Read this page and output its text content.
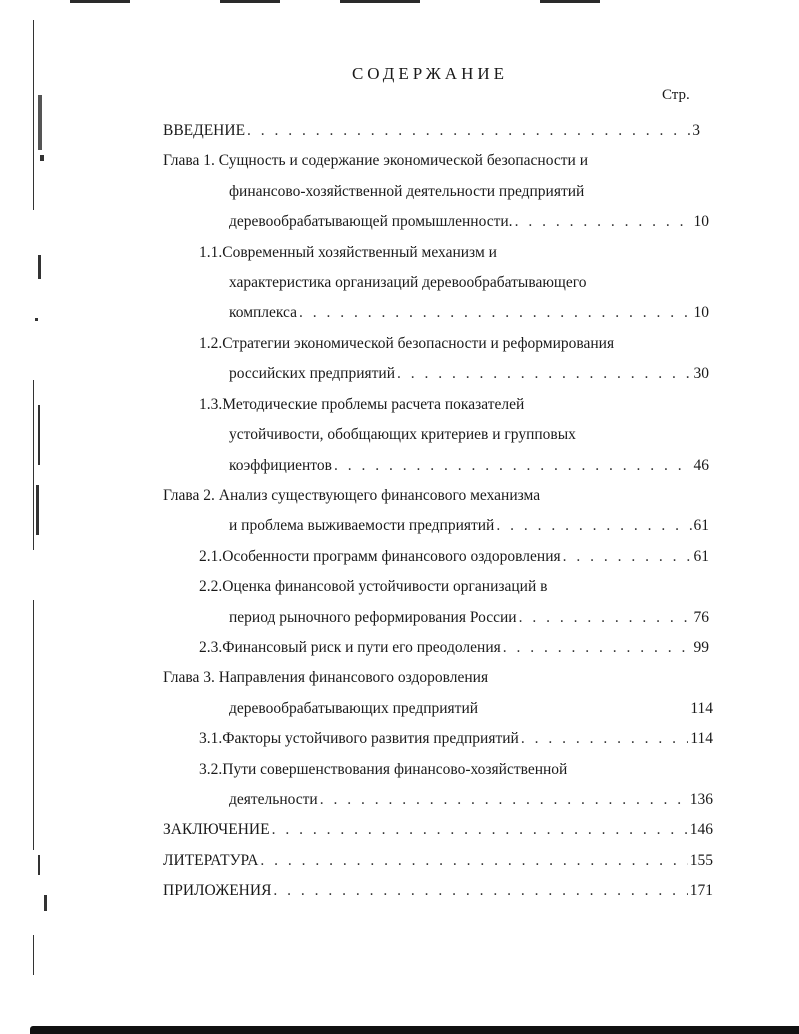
СОДЕРЖАНИЕ
Стр.
ВВЕДЕНИЕ . . .	3
Глава 1. Сущность и содержание экономической безопасности и
финансово-хозяйственной деятельности предприятий
деревообрабатывающей промышленности. . . .	10
1.1.Современный хозяйственный механизм и
характеристика организаций деревообрабатывающего
комплекса . . .	10
1.2.Стратегии экономической безопасности и реформирования
российских предприятий . . .	30
1.3.Методические проблемы расчета показателей
устойчивости, обобщающих критериев и групповых
коэффициентов . . .	46
Глава 2. Анализ существующего финансового механизма
и проблема выживаемости предприятий . . .	61
2.1.Особенности программ финансового оздоровления . . .	61
2.2.Оценка финансовой устойчивости организаций в
период рыночного реформирования России . . .	76
2.3.Финансовый риск и пути его преодоления . . .	99
Глава 3. Направления финансового оздоровления
деревообрабатывающих предприятий	114
3.1.Факторы устойчивого развития предприятий . . .	114
3.2.Пути совершенствования финансово-хозяйственной
деятельности . . .	136
ЗАКЛЮЧЕНИЕ . . .	146
ЛИТЕРАТУРА . . .	155
ПРИЛОЖЕНИЯ . . .	171
